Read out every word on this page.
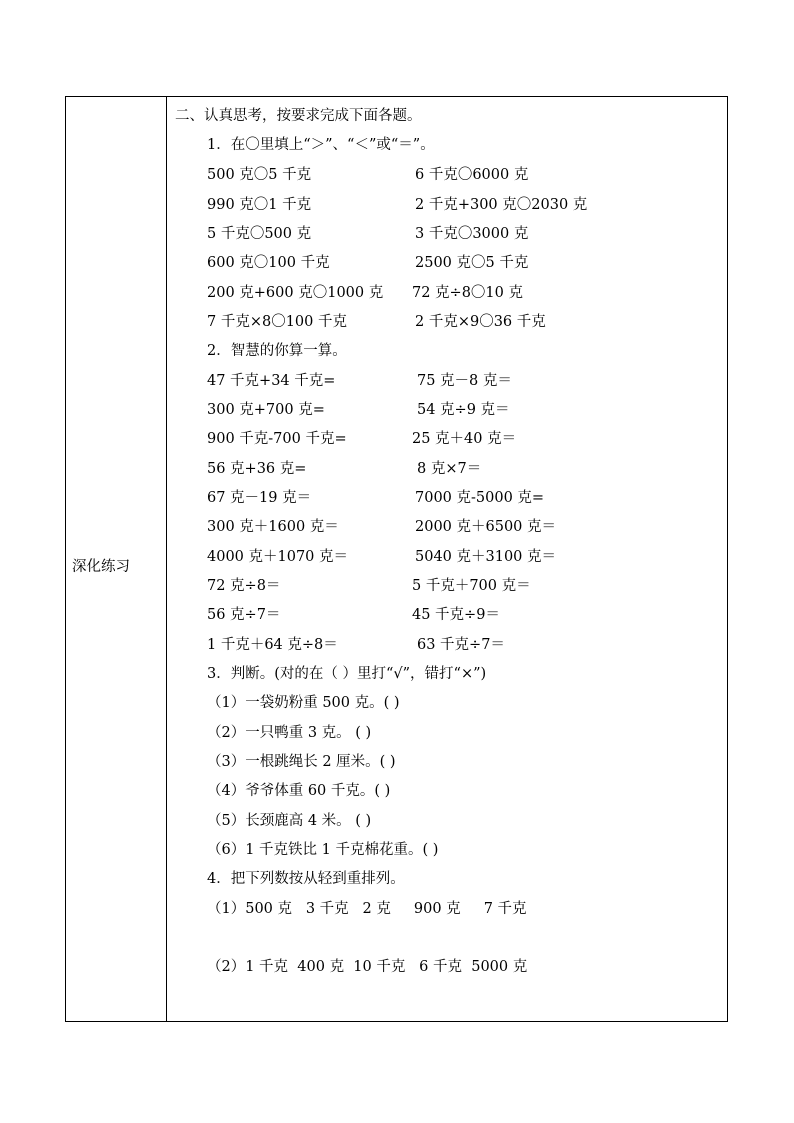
深化练习
二、认真思考，按要求完成下面各题。
1．在〇里填上“＞”、“＜”或“＝”。
500 克〇5 千克	6 千克〇6000 克
990 克〇1 千克	2 千克+300 克〇2030 克
5 千克〇500 克	3 千克〇3000 克
600 克〇100 千克	2500 克〇5 千克
200 克+600 克〇1000 克 72 克÷8〇10 克
7 千克×8〇100 千克	2 千克×9〇36 千克
2．智慧的你算一算。
47 千克+34 千克=	75 克－8 克＝
300 克+700 克=	54 克÷9 克＝
900 千克-700 千克=	25 克＋40 克＝
56 克+36 克=	8 克×7＝
67 克－19 克＝	7000 克-5000 克=
300 克＋1600 克＝	2000 克＋6500 克＝
4000 克＋1070 克＝	5040 克＋3100 克＝
72 克÷8＝	5 千克＋700 克＝
56 克÷7＝	45 千克÷9＝
1 千克＋64 克÷8＝	63 千克÷7＝
3．判断。(对的在（ ）里打“√”，错打“×”)
（1）一袋奶粉重 500 克。( )
（2）一只鸭重 3 克。 ( )
（3）一根跳绳长 2 厘米。( )
（4）爷爷体重 60 千克。( )
（5）长颈鹿高 4 米。 ( )
（6）1 千克铁比 1 千克棉花重。( )
4．把下列数按从轻到重排列。
（1）500 克   3 千克   2 克     900 克     7 千克
（2）1 千克  400 克  10 千克   6 千克  5000 克
